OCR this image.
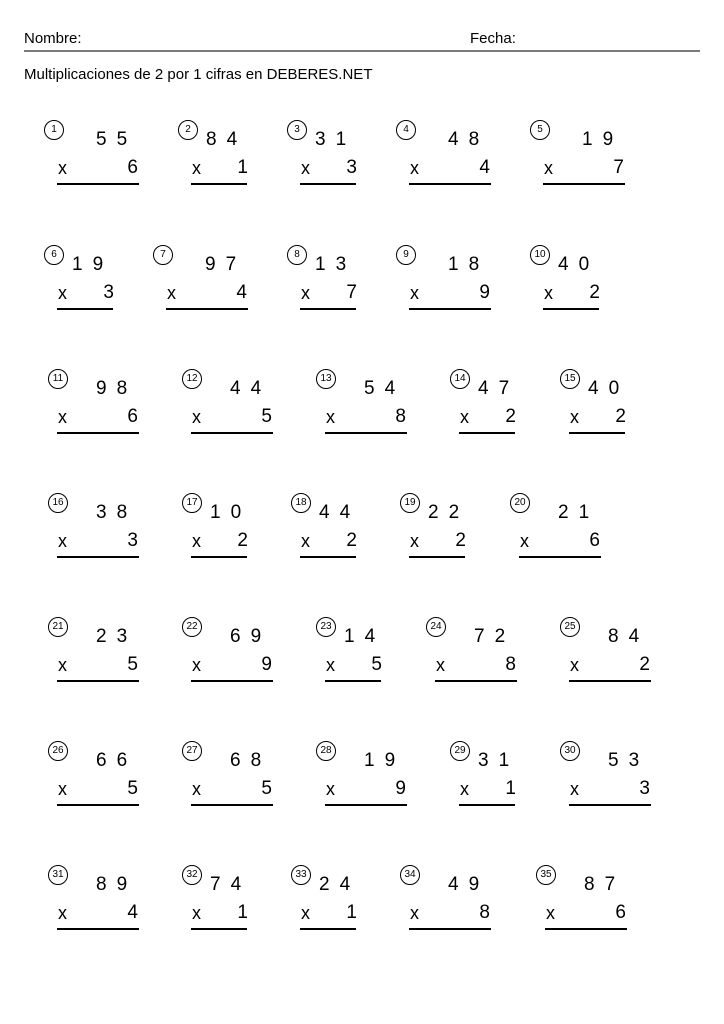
Nombre:	Fecha:
Multiplicaciones de 2 por 1 cifras en DEBERES.NET
1	55
x	6
2 84
x	1
3 31
x	3
4	48
x	4
5	19
x	7
6 19
x	3
7	97
x	4
8 13
x	7
9	18
x	9
10 40
x	2
11 98
x	6
12 44
x	5
13 54
x	8
14 47
x	2
15 40
x	2
16 38
x	3
17 10
x	2
18 44
x	2
19 22
x	2
20 21
x	6
21 23
x	5
22 69
x	9
23 14
x	5
24 72
x	8
25 84
x	2
26 66
x	5
27 68
x	5
28 19
x	9
29 31
x	1
30 53
x	3
31 89
x	4
32 74
x	1
33 24
x	1
34 49
x	8
35 87
x	6
